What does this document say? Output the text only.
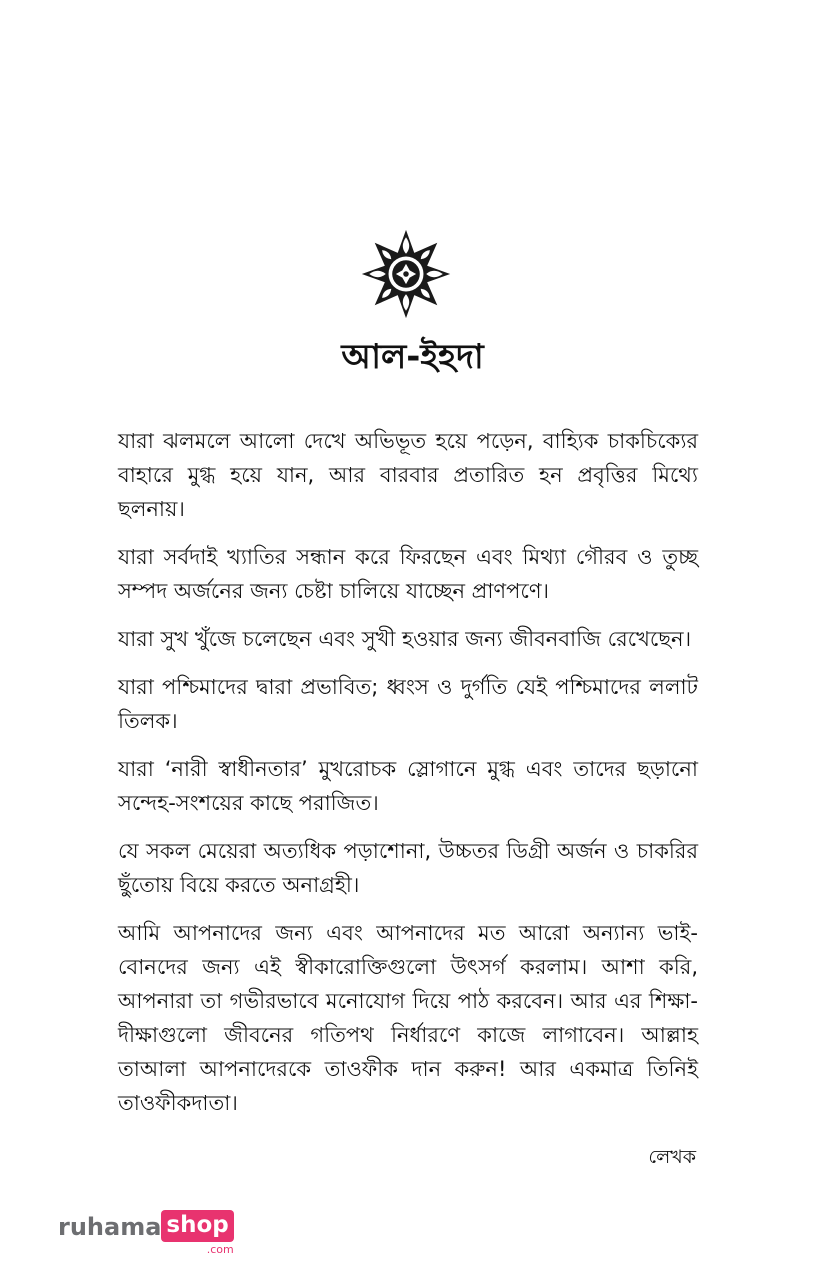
আল-ইহদা

যারা ঝলমলে আলো দেখে অভিভূত হয়ে পড়েন, বাহ্যিক চাকচিক্যের বাহারে মুগ্ধ হয়ে যান, আর বারবার প্রতারিত হন প্রবৃত্তির মিথ্যে ছলনায়।

যারা সর্বদাই খ্যাতির সন্ধান করে ফিরছেন এবং মিথ্যা গৌরব ও তুচ্ছ সম্পদ অর্জনের জন্য চেষ্টা চালিয়ে যাচ্ছেন প্রাণপণে।

যারা সুখ খুঁজে চলেছেন এবং সুখী হওয়ার জন্য জীবনবাজি রেখেছেন।

যারা পশ্চিমাদের দ্বারা প্রভাবিত; ধ্বংস ও দুর্গতি যেই পশ্চিমাদের ললাট তিলক।

যারা ‘নারী স্বাধীনতার’ মুখরোচক স্লোগানে মুগ্ধ এবং তাদের ছড়ানো সন্দেহ-সংশয়ের কাছে পরাজিত।

যে সকল মেয়েরা অত্যধিক পড়াশোনা, উচ্চতর ডিগ্রী অর্জন ও চাকরির ছুঁতোয় বিয়ে করতে অনাগ্রহী।

আমি আপনাদের জন্য এবং আপনাদের মত আরো অন্যান্য ভাই-বোনদের জন্য এই স্বীকারোক্তিগুলো উৎসর্গ করলাম। আশা করি, আপনারা তা গভীরভাবে মনোযোগ দিয়ে পাঠ করবেন। আর এর শিক্ষা-দীক্ষাগুলো জীবনের গতিপথ নির্ধারণে কাজে লাগাবেন। আল্লাহ তাআলা আপনাদেরকে তাওফীক দান করুন! আর একমাত্র তিনিই তাওফীকদাতা।

লেখক
ruhama shop
.com
